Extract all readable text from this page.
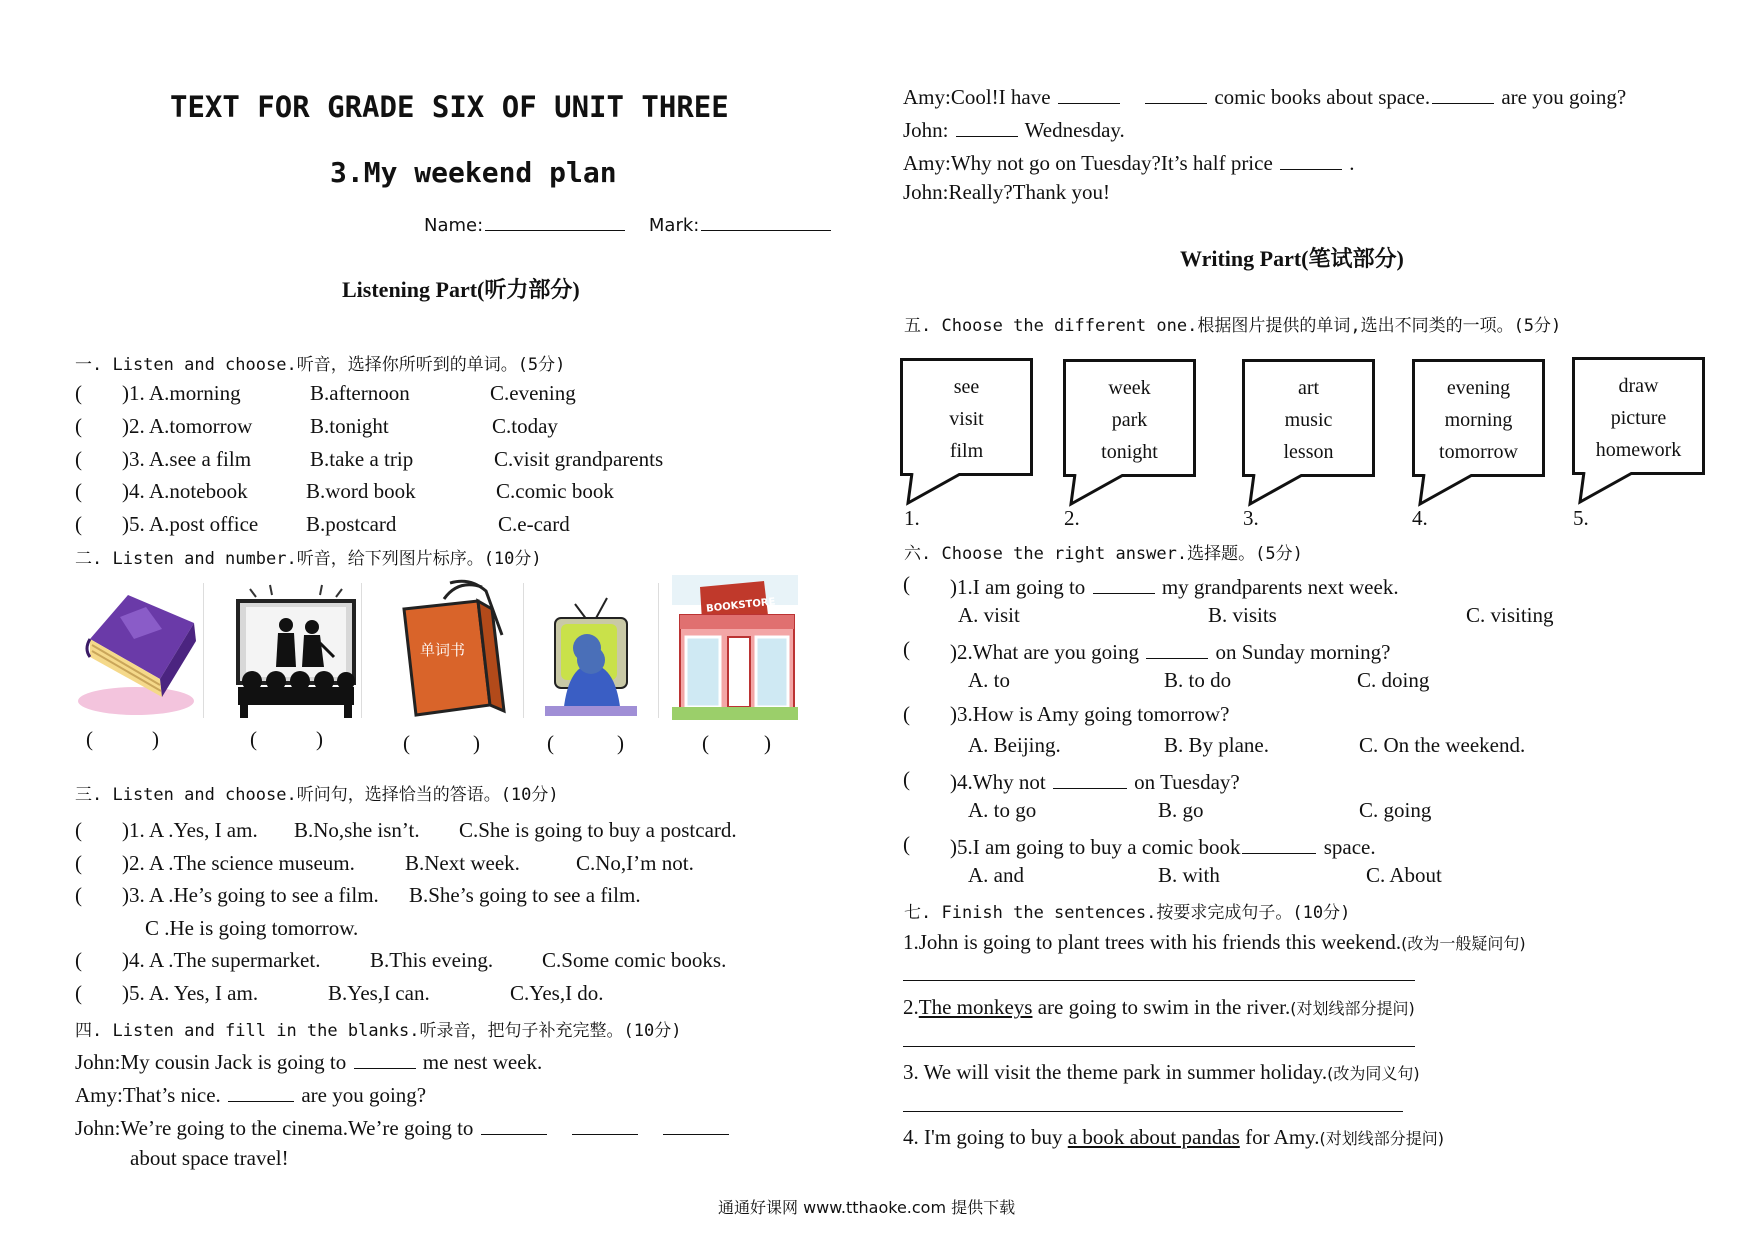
TEXT FOR GRADE SIX OF UNIT THREE
3.My weekend plan
Name:	Mark:
Listening Part(听力部分)
一. Listen and choose.听音，选择你所听到的单词。(5分)
( )1. A.morning	B.afternoon	C.evening
( )2. A.tomorrow	B.tonight	C.today
( )3. A.see a film	B.take a trip	C.visit grandparents
( )4. A.notebook	B.word book	C.comic book
( )5. A.post office B.postcard	C.e-card
二. Listen and number.听音，给下列图片标序。(10分)
单词书
BOOKSTORE
(	)	(	)	(	)	(	)	(	)
三. Listen and choose.听问句，选择恰当的答语。(10分)
( )1. A .Yes, I am. B.No,she isn’t. C.She is going to buy a postcard.
( )2. A .The science museum. B.Next week.	C.No,I’m not.
( )3. A .He’s going to see a film. B.She’s going to see a film.
C .He is going tomorrow.
( )4. A .The supermarket. B.This eveing. C.Some comic books.
( )5. A. Yes, I am.	B.Yes,I can.	C.Yes,I do.
四. Listen and fill in the blanks.听录音，把句子补充完整。(10分)
John:My cousin Jack is going to	me nest week.
Amy:That’s nice.	are you going?
John:We’re going to the cinema.We’re going to
about space travel!
Amy:Cool!I have	comic books about space.	are you going?
John:	Wednesday.
Amy:Why not go on Tuesday?It’s half price	.
John:Really?Thank you!
Writing Part(笔试部分)
五. Choose the different one.根据图片提供的单词,选出不同类的一项。(5分)
see
visit
film
1.
week
park
tonight
2.
art
music
lesson
3.
evening
morning
tomorrow
4.
draw
picture
homework
5.
六. Choose the right answer.选择题。(5分)
( )1.I am going to	my grandparents next week.
A. visit	B. visits	C. visiting
( )2.What are you going	on Sunday morning?
A. to	B. to do	C. doing
( )3.How is Amy going tomorrow?
A. Beijing.	B. By plane.	C. On the weekend.
( )4.Why not	on Tuesday?
A. to go	B. go	C. going
( )5.I am going to buy a comic book	space.
A. and	B. with	C. About
七. Finish the sentences.按要求完成句子。(10分)
1.John is going to plant trees with his friends this weekend.(改为一般疑问句)
2.The monkeys are going to swim in the river.(对划线部分提问)
3. We will visit the theme park in summer holiday.(改为同义句)
4. I'm going to buy a book about pandas for Amy.(对划线部分提问)
通通好课网 www.tthaoke.com 提供下载
